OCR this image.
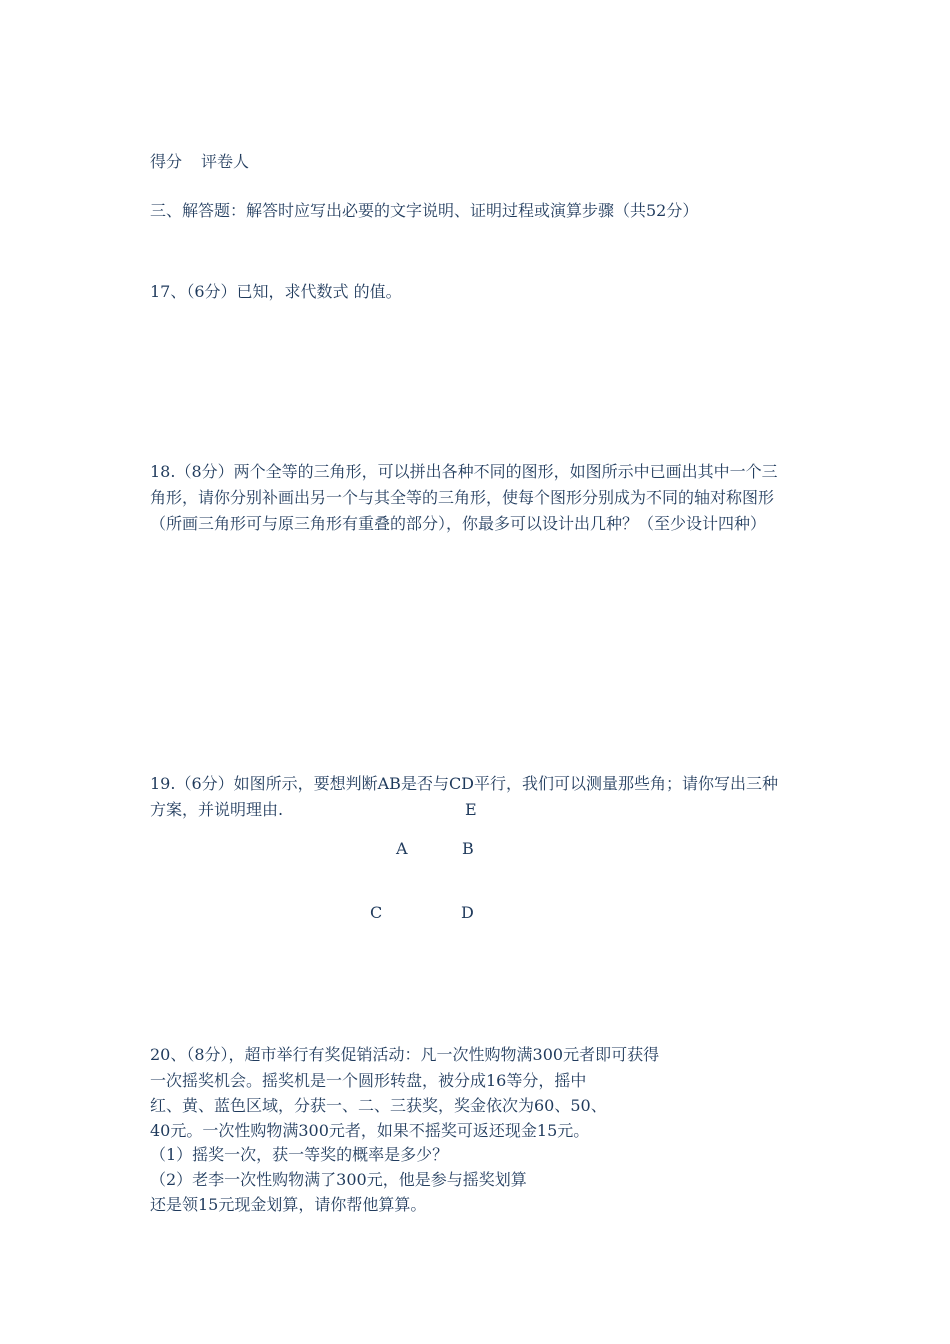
得分 评卷人
三、解答题：解答时应写出必要的文字说明、证明过程或演算步骤（共52分）
17、（6分）已知，求代数式 的值。
18.（8分）两个全等的三角形，可以拼出各种不同的图形，如图所示中已画出其中一个三
角形，请你分别补画出另一个与其全等的三角形，使每个图形分别成为不同的轴对称图形
（所画三角形可与原三角形有重叠的部分），你最多可以设计出几种？（至少设计四种）
19.（6分）如图所示，要想判断AB是否与CD平行，我们可以测量那些角；请你写出三种
方案，并说明理由.	E
A	B
C	D
20、（8分），超市举行有奖促销活动：凡一次性购物满300元者即可获得
一次摇奖机会。摇奖机是一个圆形转盘，被分成16等分，摇中
红、黄、蓝色区域，分获一、二、三获奖，奖金依次为60、50、
40元。一次性购物满300元者，如果不摇奖可返还现金15元。
（1）摇奖一次，获一等奖的概率是多少？
（2）老李一次性购物满了300元，他是参与摇奖划算
还是领15元现金划算，请你帮他算算。
